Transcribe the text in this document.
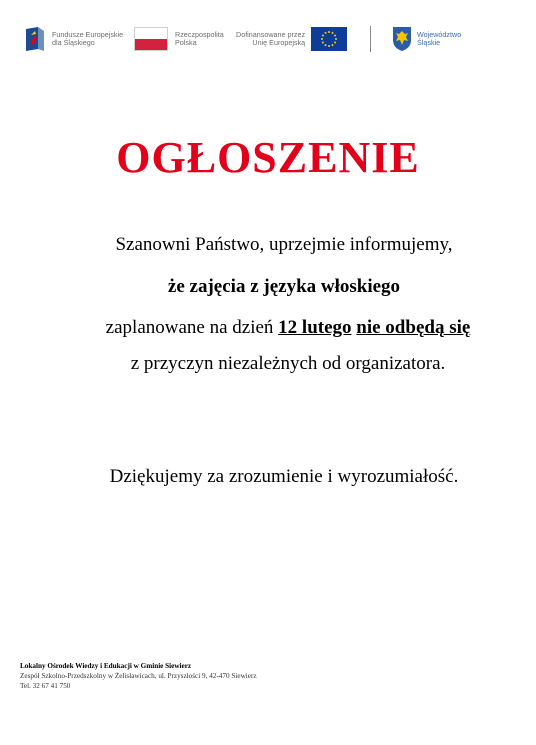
Fundusze Europejskie
dla Śląskiego
Rzeczpospolita
Polska
Dofinansowane przez
Unię Europejską
Województwo
Śląskie
OGŁOSZENIE
Szanowni Państwo, uprzejmie informujemy,
że zajęcia z języka włoskiego
zaplanowane na dzień 12 lutego nie odbędą się
z przyczyn niezależnych od organizatora.
Dziękujemy za zrozumienie i wyrozumiałość.
Lokalny Ośrodek Wiedzy i Edukacji w Gminie Siewierz
Zespół Szkolno-Przedszkolny w Żelisławicach, ul. Przyszłości 9, 42-470 Siewierz
Tel. 32 67 41 750
